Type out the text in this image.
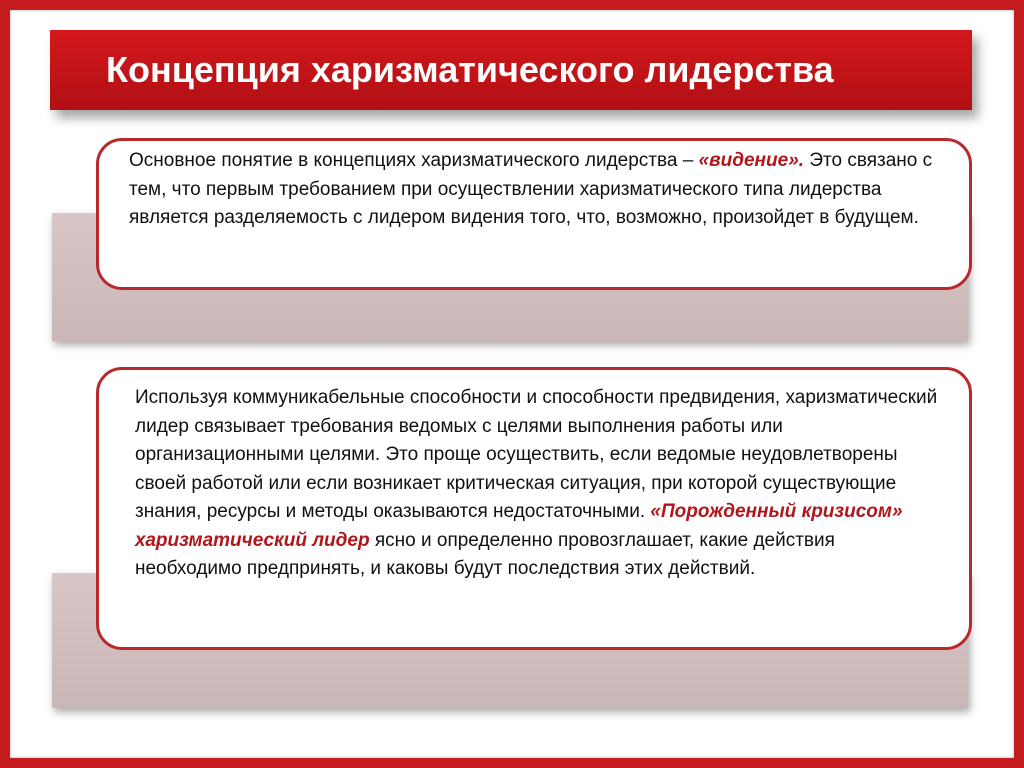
Концепция харизматического лидерства
Основное понятие в концепциях харизматического лидерства – «видение». Это связано с тем, что первым требованием при осуществлении харизматического типа лидерства является разделяемость с лидером видения того, что, возможно, произойдет в будущем.
Используя коммуникабельные способности и способности предвидения, харизматический лидер связывает требования ведомых с целями выполнения работы или организационными целями. Это проще осуществить, если ведомые неудовлетворены своей работой или если возникает критическая ситуация, при которой существующие знания, ресурсы и методы оказываются недостаточными. «Порожденный кризисом» харизматический лидер ясно и определенно провозглашает, какие действия необходимо предпринять, и каковы будут последствия этих действий.
